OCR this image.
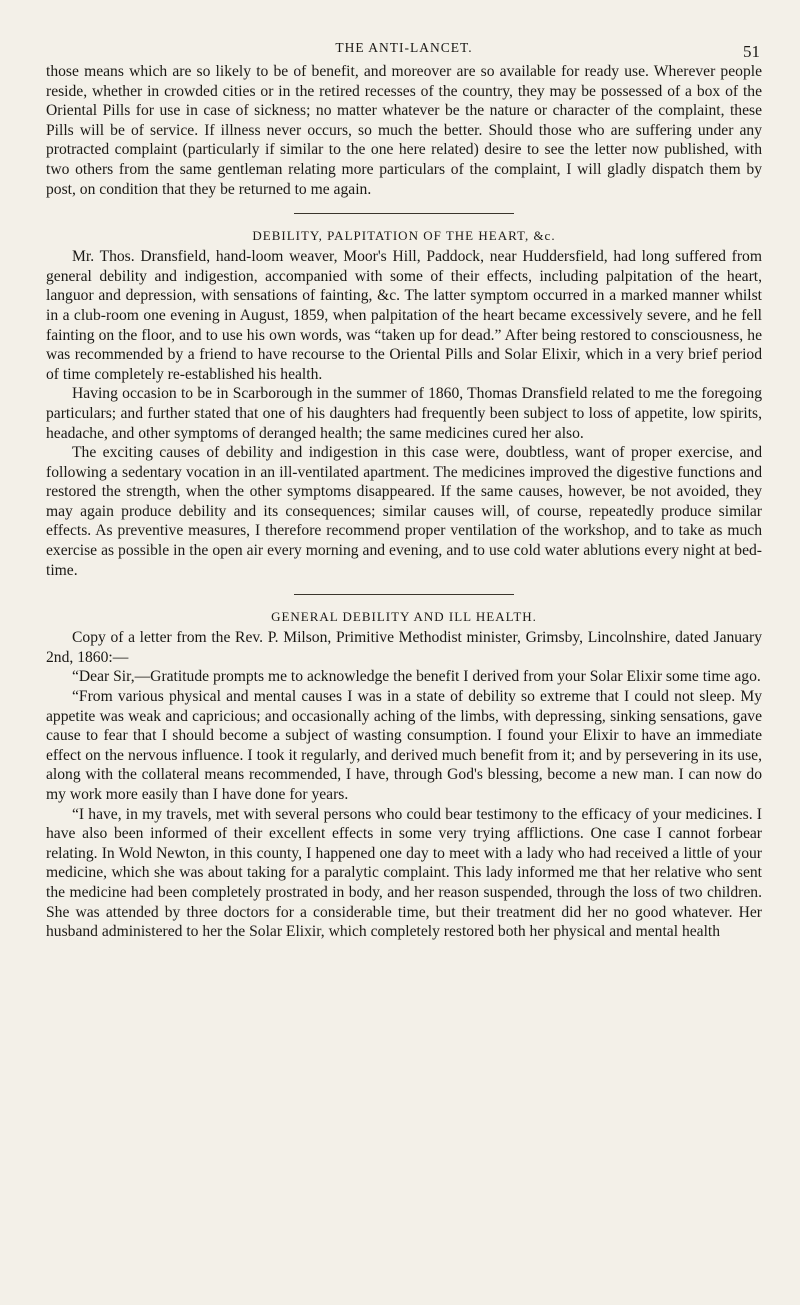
THE ANTI-LANCET.	51

those means which are so likely to be of benefit, and moreover are so available for ready use. Wherever people reside, whether in crowded cities or in the retired recesses of the country, they may be possessed of a box of the Oriental Pills for use in case of sickness; no matter whatever be the nature or character of the complaint, these Pills will be of service. If illness never occurs, so much the better. Should those who are suffering under any protracted complaint (particularly if similar to the one here related) desire to see the letter now published, with two others from the same gentleman relating more particulars of the complaint, I will gladly dispatch them by post, on condition that they be returned to me again.

DEBILITY, PALPITATION OF THE HEART, &c.

Mr. Thos. Dransfield, hand-loom weaver, Moor's Hill, Paddock, near Huddersfield, had long suffered from general debility and indigestion, accompanied with some of their effects, including palpitation of the heart, languor and depression, with sensations of fainting, &c. The latter symptom occurred in a marked manner whilst in a club-room one evening in August, 1859, when palpitation of the heart became excessively severe, and he fell fainting on the floor, and to use his own words, was “taken up for dead.” After being restored to consciousness, he was recommended by a friend to have recourse to the Oriental Pills and Solar Elixir, which in a very brief period of time completely re-established his health.

Having occasion to be in Scarborough in the summer of 1860, Thomas Dransfield related to me the foregoing particulars; and further stated that one of his daughters had frequently been subject to loss of appetite, low spirits, headache, and other symptoms of deranged health; the same medicines cured her also.

The exciting causes of debility and indigestion in this case were, doubtless, want of proper exercise, and following a sedentary vocation in an ill-ventilated apartment. The medicines improved the digestive functions and restored the strength, when the other symptoms disappeared. If the same causes, however, be not avoided, they may again produce debility and its consequences; similar causes will, of course, repeatedly produce similar effects. As preventive measures, I therefore recommend proper ventilation of the workshop, and to take as much exercise as possible in the open air every morning and evening, and to use cold water ablutions every night at bed-time.

GENERAL DEBILITY AND ILL HEALTH.

Copy of a letter from the Rev. P. Milson, Primitive Methodist minister, Grimsby, Lincolnshire, dated January 2nd, 1860:—

“Dear Sir,—Gratitude prompts me to acknowledge the benefit I derived from your Solar Elixir some time ago.

“From various physical and mental causes I was in a state of debility so extreme that I could not sleep. My appetite was weak and capricious; and occasionally aching of the limbs, with depressing, sinking sensations, gave cause to fear that I should become a subject of wasting consumption. I found your Elixir to have an immediate effect on the nervous influence. I took it regularly, and derived much benefit from it; and by persevering in its use, along with the collateral means recommended, I have, through God's blessing, become a new man. I can now do my work more easily than I have done for years.

“I have, in my travels, met with several persons who could bear testimony to the efficacy of your medicines. I have also been informed of their excellent effects in some very trying afflictions. One case I cannot forbear relating. In Wold Newton, in this county, I happened one day to meet with a lady who had received a little of your medicine, which she was about taking for a paralytic complaint. This lady informed me that her relative who sent the medicine had been completely prostrated in body, and her reason suspended, through the loss of two children. She was attended by three doctors for a considerable time, but their treatment did her no good whatever. Her husband administered to her the Solar Elixir, which completely restored both her physical and mental health
